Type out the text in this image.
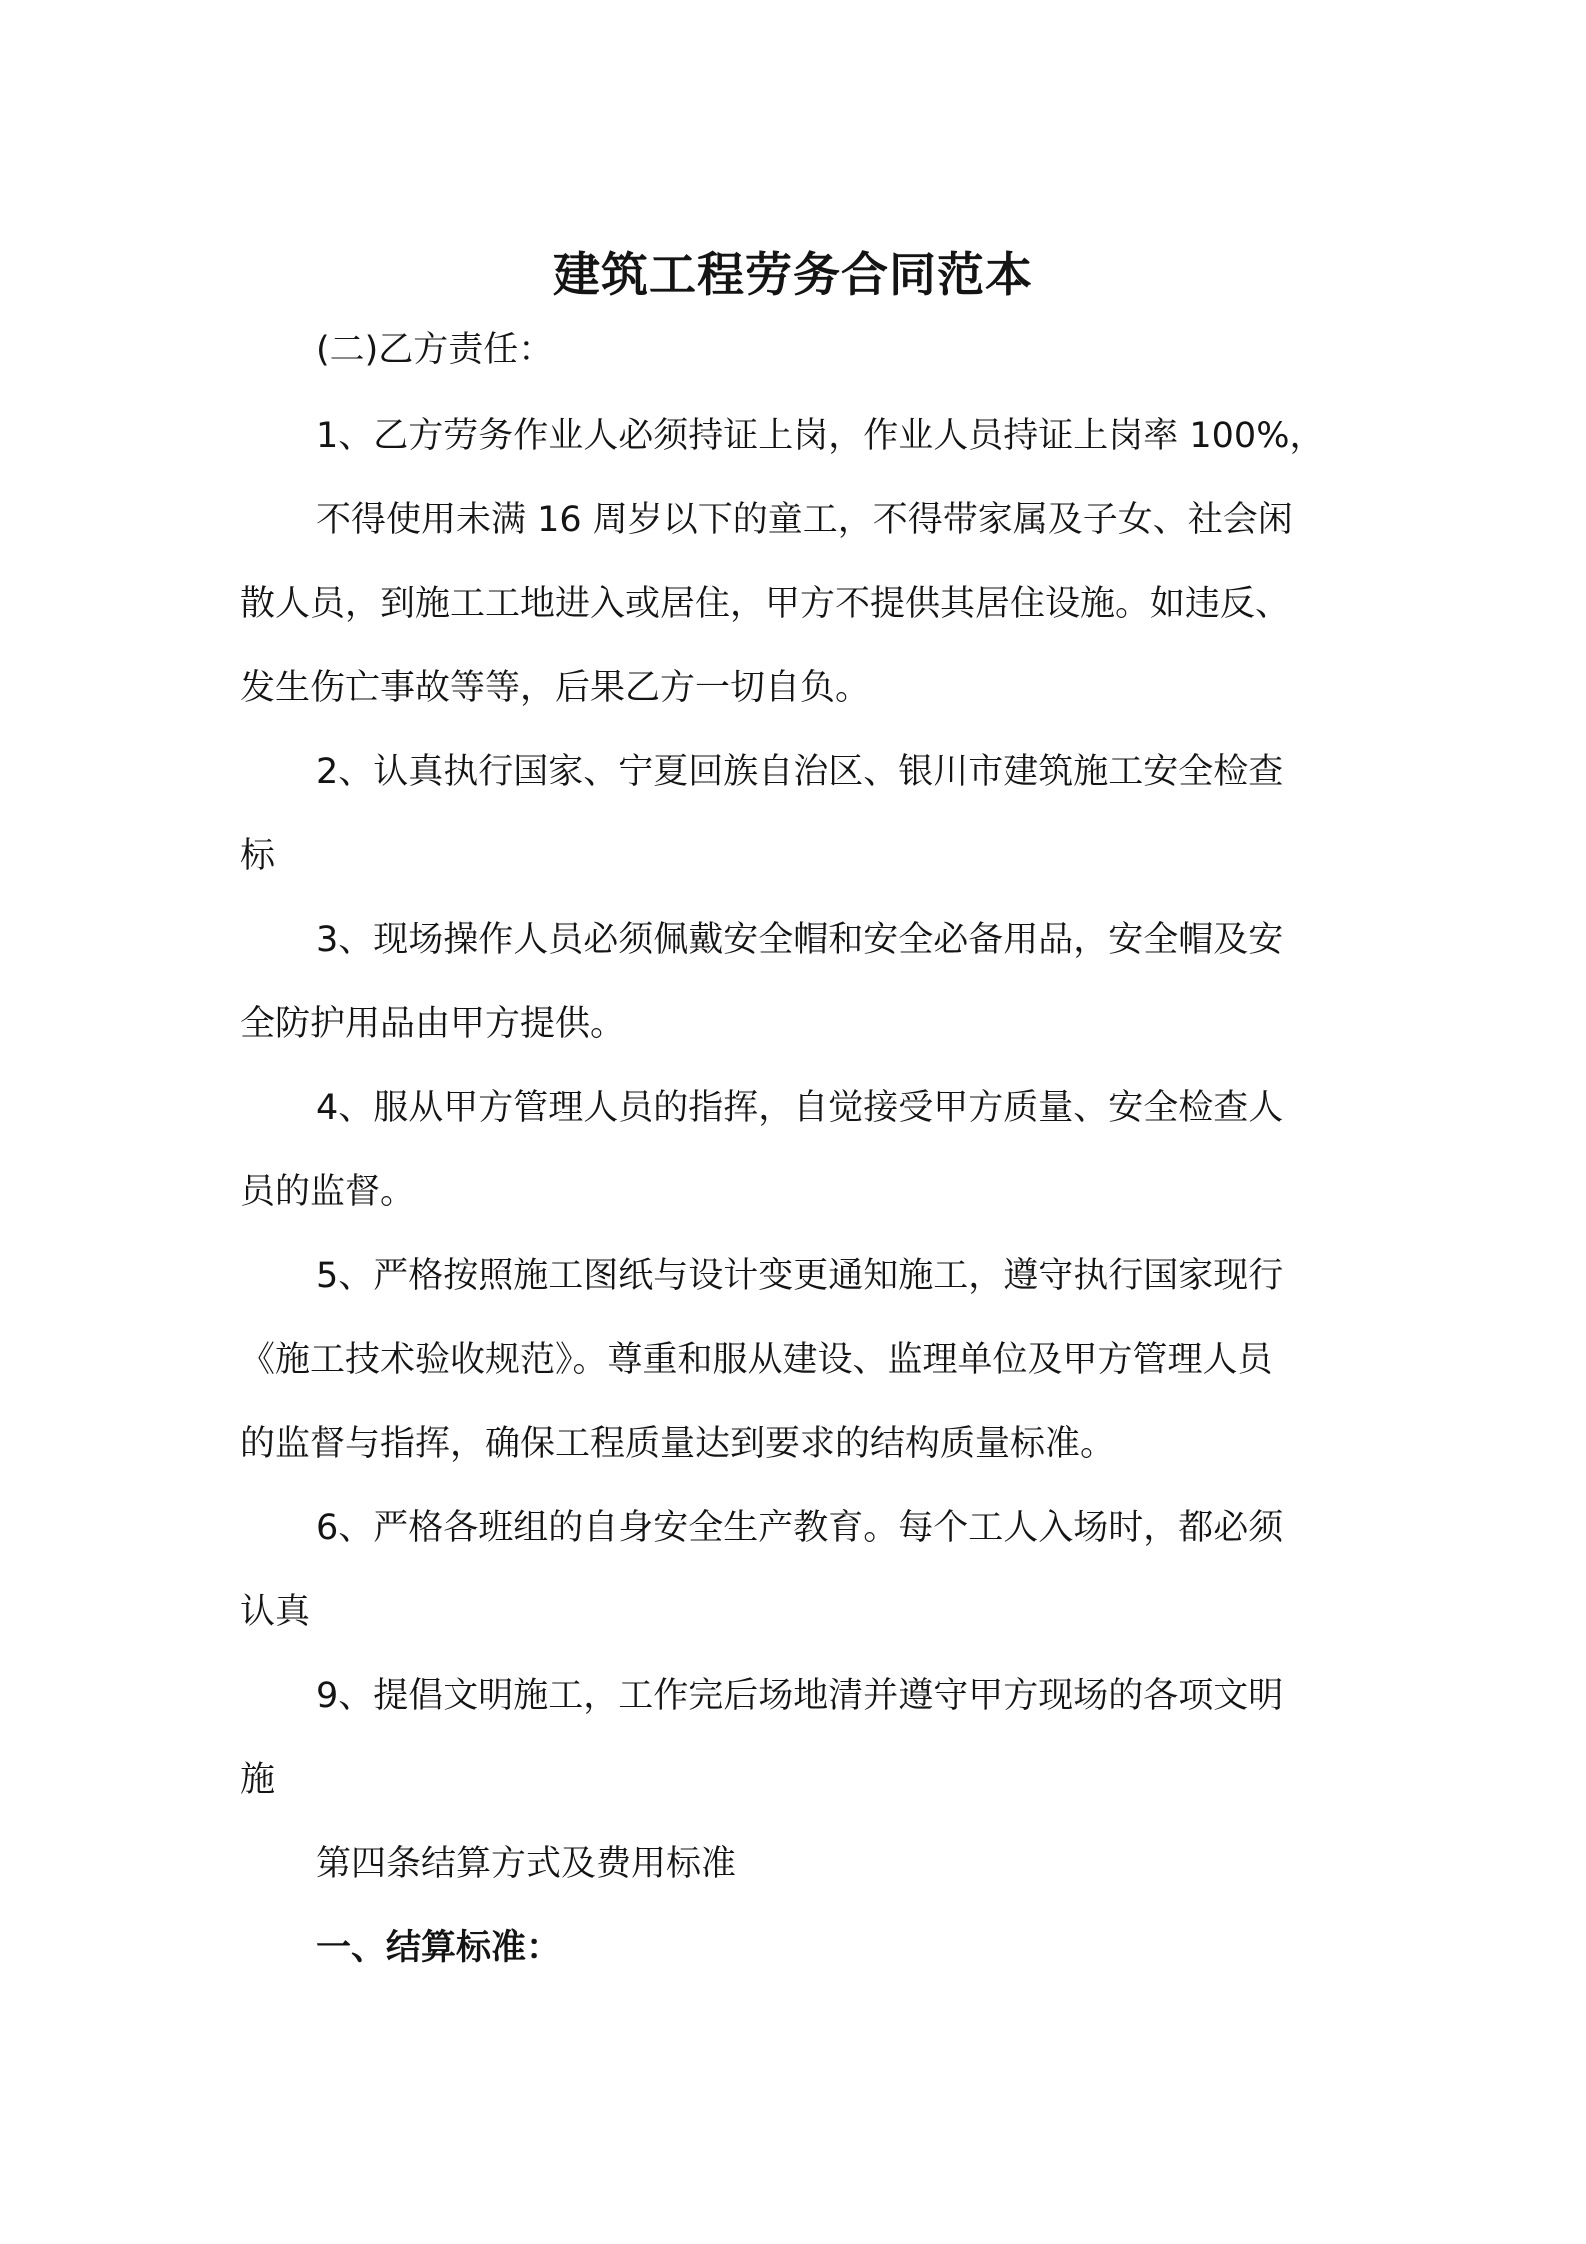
建筑工程劳务合同范本

(二)乙方责任：

1、乙方劳务作业人必须持证上岗，作业人员持证上岗率 100%，

不得使用未满 16 周岁以下的童工，不得带家属及子女、社会闲

散人员，到施工工地进入或居住，甲方不提供其居住设施。如违反、

发生伤亡事故等等，后果乙方一切自负。

2、认真执行国家、宁夏回族自治区、银川市建筑施工安全检查

标

3、现场操作人员必须佩戴安全帽和安全必备用品，安全帽及安

全防护用品由甲方提供。

4、服从甲方管理人员的指挥，自觉接受甲方质量、安全检查人

员的监督。

5、严格按照施工图纸与设计变更通知施工，遵守执行国家现行

《施工技术验收规范》。尊重和服从建设、监理单位及甲方管理人员

的监督与指挥，确保工程质量达到要求的结构质量标准。

6、严格各班组的自身安全生产教育。每个工人入场时，都必须

认真

9、提倡文明施工，工作完后场地清并遵守甲方现场的各项文明

施

第四条结算方式及费用标准

一、结算标准：
